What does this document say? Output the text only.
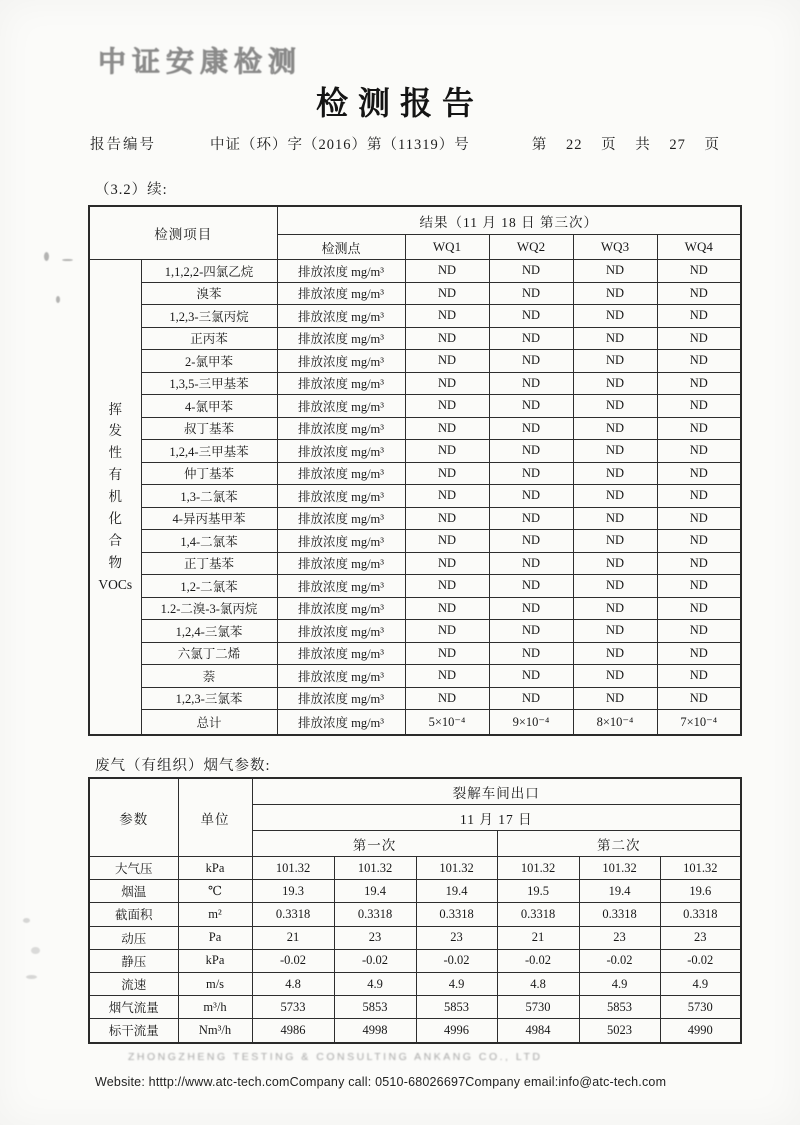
中证安康检测
检测报告
报告编号	中证（环）字（2016）第（11319）号	第 22 页 共 27 页
（3.2）续:
检测项目		结果（11 月 18 日 第三次）				
		检测点	WQ1	WQ2	WQ3	WQ4
挥
发
性
有
机
化
合
物
VOCs	1,1,2,2-四氯乙烷	排放浓度 mg/m³	ND	ND	ND	ND
	溴苯	排放浓度 mg/m³	ND	ND	ND	ND
	1,2,3-三氯丙烷	排放浓度 mg/m³	ND	ND	ND	ND
	正丙苯	排放浓度 mg/m³	ND	ND	ND	ND
	2-氯甲苯	排放浓度 mg/m³	ND	ND	ND	ND
	1,3,5-三甲基苯	排放浓度 mg/m³	ND	ND	ND	ND
	4-氯甲苯	排放浓度 mg/m³	ND	ND	ND	ND
	叔丁基苯	排放浓度 mg/m³	ND	ND	ND	ND
	1,2,4-三甲基苯	排放浓度 mg/m³	ND	ND	ND	ND
	仲丁基苯	排放浓度 mg/m³	ND	ND	ND	ND
	1,3-二氯苯	排放浓度 mg/m³	ND	ND	ND	ND
	4-异丙基甲苯	排放浓度 mg/m³	ND	ND	ND	ND
	1,4-二氯苯	排放浓度 mg/m³	ND	ND	ND	ND
	正丁基苯	排放浓度 mg/m³	ND	ND	ND	ND
	1,2-二氯苯	排放浓度 mg/m³	ND	ND	ND	ND
	1.2-二溴-3-氯丙烷	排放浓度 mg/m³	ND	ND	ND	ND
	1,2,4-三氯苯	排放浓度 mg/m³	ND	ND	ND	ND
	六氯丁二烯	排放浓度 mg/m³	ND	ND	ND	ND
	萘	排放浓度 mg/m³	ND	ND	ND	ND
	1,2,3-三氯苯	排放浓度 mg/m³	ND	ND	ND	ND
	总计	排放浓度 mg/m³	5×10⁻⁴	9×10⁻⁴	8×10⁻⁴	7×10⁻⁴
废气（有组织）烟气参数:
参数	单位	裂解车间出口					
		11 月 17 日					
		第一次			第二次		
大气压	kPa	101.32	101.32	101.32	101.32	101.32	101.32
烟温	℃	19.3	19.4	19.4	19.5	19.4	19.6
截面积	m²	0.3318	0.3318	0.3318	0.3318	0.3318	0.3318
动压	Pa	21	23	23	21	23	23
静压	kPa	-0.02	-0.02	-0.02	-0.02	-0.02	-0.02
流速	m/s	4.8	4.9	4.9	4.8	4.9	4.9
烟气流量	m³/h	5733	5853	5853	5730	5853	5730
标干流量	Nm³/h	4986	4998	4996	4984	5023	4990
ZHONGZHENG TESTING & CONSULTING ANKANG CO., LTD
Website: htttp://www.atc-tech.comCompany call: 0510-68026697Company email:info@atc-tech.com
